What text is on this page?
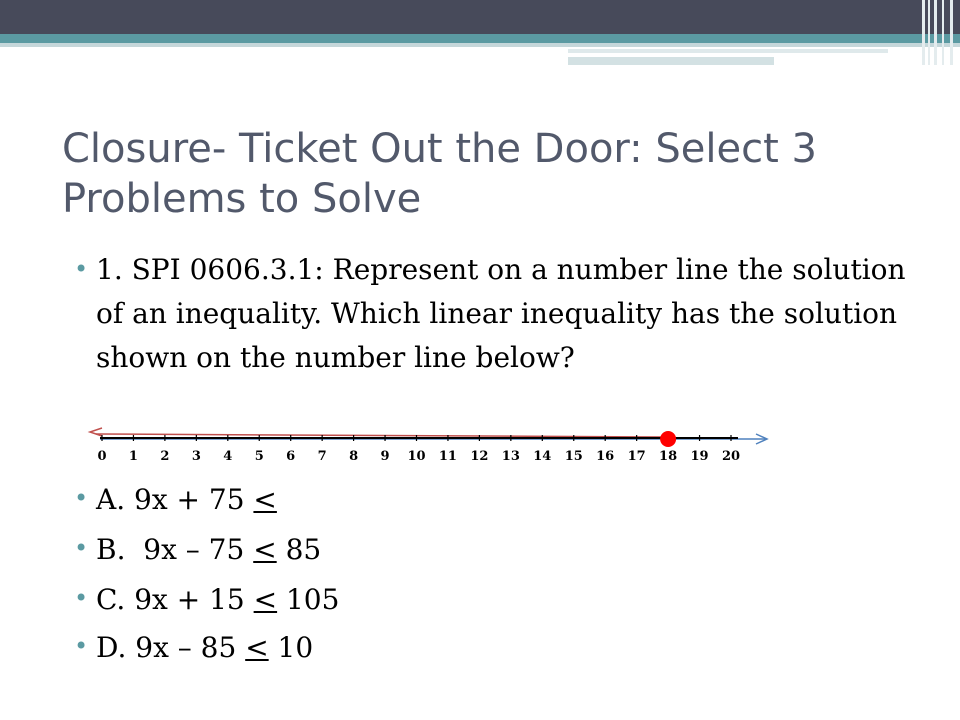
Closure- Ticket Out the Door: Select 3 Problems to Solve
• 1. SPI 0606.3.1: Represent on a number line the solution of an inequality. Which linear inequality has the solution shown on the number line below?
0 1 2 3 4 5 6 7 8 9 10 11 12 13 14 15 16 17 18 19 20
• A. 9x + 75 <
• B.  9x – 75 < 85
• C. 9x + 15 < 105
• D. 9x – 85 < 10
